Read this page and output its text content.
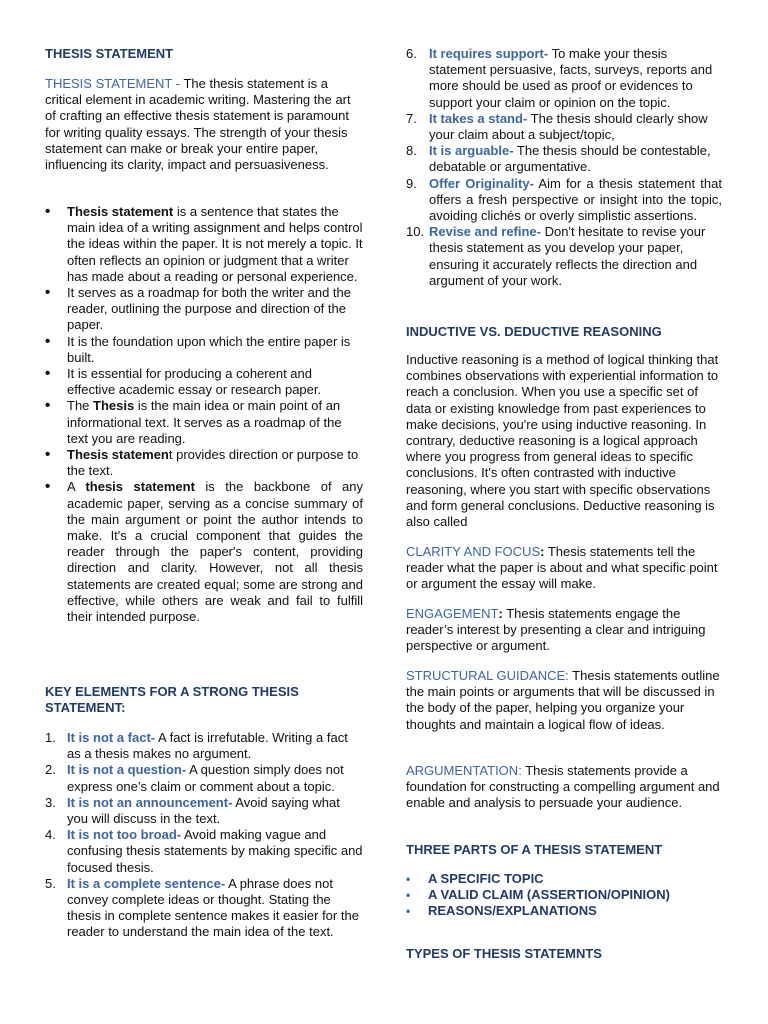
THESIS STATEMENT
THESIS STATEMENT - The thesis statement is a critical element in academic writing. Mastering the art of crafting an effective thesis statement is paramount for writing quality essays. The strength of your thesis statement can make or break your entire paper, influencing its clarity, impact and persuasiveness.
• Thesis statement is a sentence that states the main idea of a writing assignment and helps control the ideas within the paper. It is not merely a topic. It often reflects an opinion or judgment that a writer has made about a reading or personal experience.
• It serves as a roadmap for both the writer and the reader, outlining the purpose and direction of the paper.
• It is the foundation upon which the entire paper is built.
• It is essential for producing a coherent and effective academic essay or research paper.
• The Thesis is the main idea or main point of an informational text. It serves as a roadmap of the text you are reading.
• Thesis statement provides direction or purpose to the text.
• A thesis statement is the backbone of any academic paper, serving as a concise summary of the main argument or point the author intends to make. It's a crucial component that guides the reader through the paper's content, providing direction and clarity. However, not all thesis statements are created equal; some are strong and effective, while others are weak and fail to fulfill their intended purpose.
KEY ELEMENTS FOR A STRONG THESIS STATEMENT:
1. It is not a fact- A fact is irrefutable. Writing a fact as a thesis makes no argument.
2. It is not a question- A question simply does not express one’s claim or comment about a topic.
3. It is not an announcement- Avoid saying what you will discuss in the text.
4. It is not too broad- Avoid making vague and confusing thesis statements by making specific and focused thesis.
5. It is a complete sentence- A phrase does not convey complete ideas or thought. Stating the thesis in complete sentence makes it easier for the reader to understand the main idea of the text.
6. It requires support- To make your thesis statement persuasive, facts, surveys, reports and more should be used as proof or evidences to support your claim or opinion on the topic.
7. It takes a stand- The thesis should clearly show your claim about a subject/topic,
8. It is arguable- The thesis should be contestable, debatable or argumentative.
9. Offer Originality- Aim for a thesis statement that offers a fresh perspective or insight into the topic, avoiding clichés or overly simplistic assertions.
10. Revise and refine- Don't hesitate to revise your thesis statement as you develop your paper, ensuring it accurately reflects the direction and argument of your work.
INDUCTIVE VS. DEDUCTIVE REASONING
Inductive reasoning is a method of logical thinking that combines observations with experiential information to reach a conclusion. When you use a specific set of data or existing knowledge from past experiences to make decisions, you're using inductive reasoning. In contrary, deductive reasoning is a logical approach where you progress from general ideas to specific conclusions. It's often contrasted with inductive reasoning, where you start with specific observations and form general conclusions. Deductive reasoning is also called
CLARITY AND FOCUS: Thesis statements tell the reader what the paper is about and what specific point or argument the essay will make.
ENGAGEMENT: Thesis statements engage the reader’s interest by presenting a clear and intriguing perspective or argument.
STRUCTURAL GUIDANCE: Thesis statements outline the main points or arguments that will be discussed in the body of the paper, helping you organize your thoughts and maintain a logical flow of ideas.
ARGUMENTATION: Thesis statements provide a foundation for constructing a compelling argument and enable and analysis to persuade your audience.
THREE PARTS OF A THESIS STATEMENT
• A SPECIFIC TOPIC
• A VALID CLAIM (ASSERTION/OPINION)
• REASONS/EXPLANATIONS
TYPES OF THESIS STATEMNTS
